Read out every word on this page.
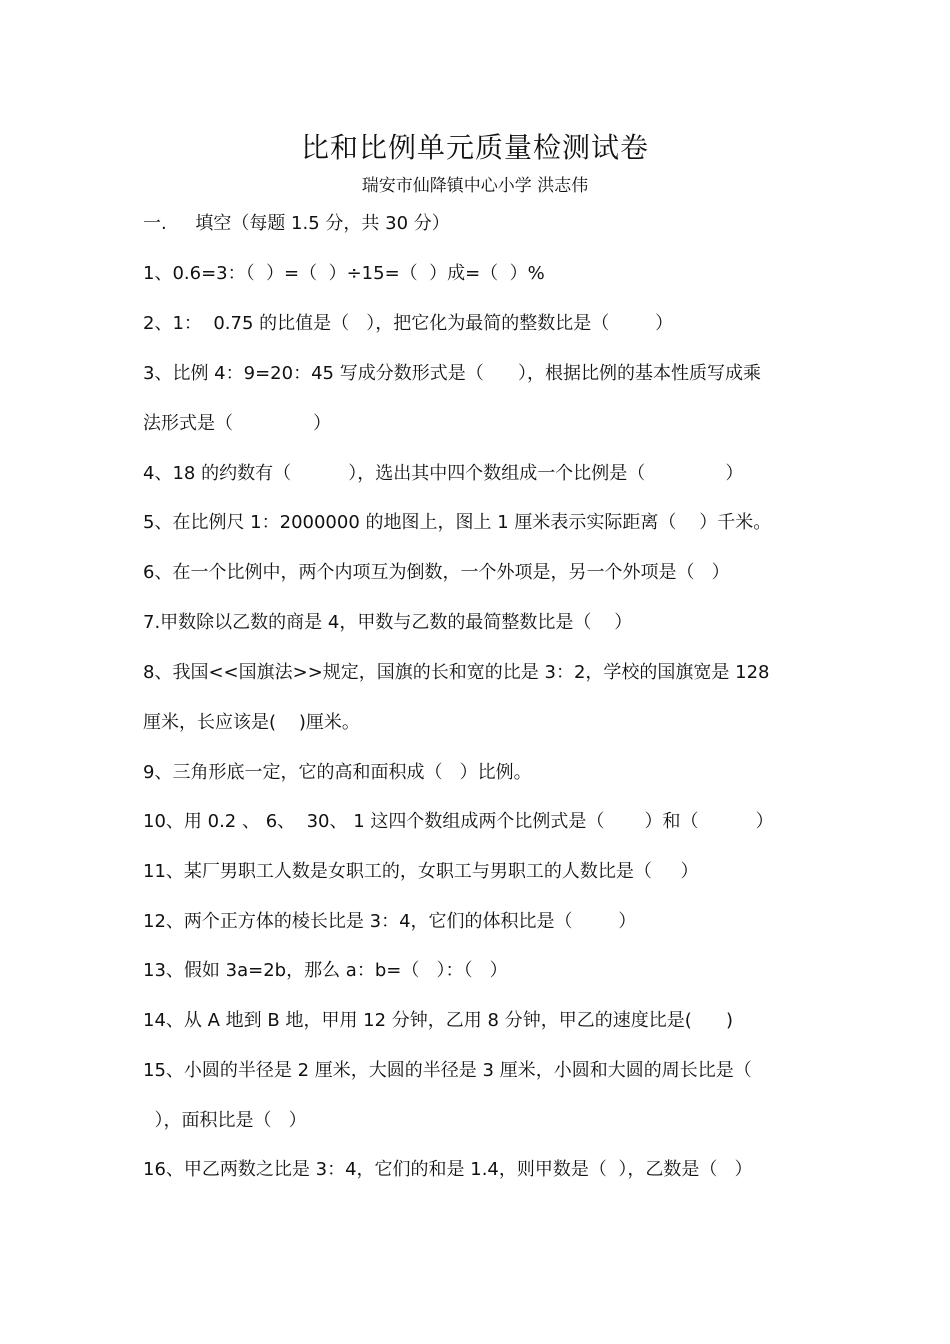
比和比例单元质量检测试卷
瑞安市仙降镇中心小学 洪志伟
一.     填空（每题 1.5 分，共 30 分）
1、0.6=3：（  ）=（  ）÷15=（  ）成=（  ）%
2、1：  0.75 的比值是（   ），把它化为最简的整数比是（        ）
3、比例 4：9=20：45 写成分数形式是（      ），根据比例的基本性质写成乘
法形式是（              ）
4、18 的约数有（          ），选出其中四个数组成一个比例是（              ）
5、在比例尺 1：2000000 的地图上，图上 1 厘米表示实际距离（    ）千米。
6、在一个比例中，两个内项互为倒数，一个外项是，另一个外项是（   ）
7.甲数除以乙数的商是 4，甲数与乙数的最简整数比是（    ）
8、我国<<国旗法>>规定，国旗的长和宽的比是 3：2，学校的国旗宽是 128
厘米，长应该是(    )厘米。
9、三角形底一定，它的高和面积成（   ）比例。
10、用 0.2 、 6、  30、 1 这四个数组成两个比例式是（       ）和（          ）
11、某厂男职工人数是女职工的，女职工与男职工的人数比是（     ）
12、两个正方体的棱长比是 3：4，它们的体积比是（        ）
13、假如 3a=2b，那么 a：b=（   ）：（   ）
14、从 A 地到 B 地，甲用 12 分钟，乙用 8 分钟，甲乙的速度比是(      )
15、小圆的半径是 2 厘米，大圆的半径是 3 厘米，小圆和大圆的周长比是（
），面积比是（   ）
16、甲乙两数之比是 3：4，它们的和是 1.4，则甲数是（  ），乙数是（   ）
